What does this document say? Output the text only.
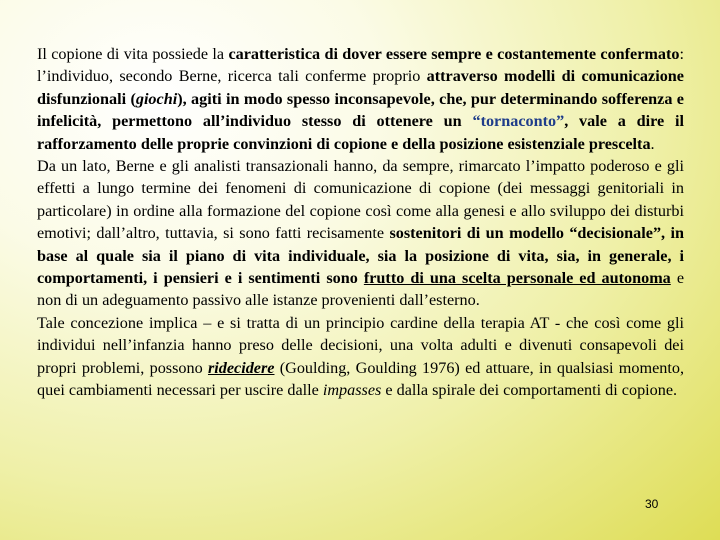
Il copione di vita possiede la caratteristica di dover essere sempre e costantemente confermato: l’individuo, secondo Berne, ricerca tali conferme proprio attraverso modelli di comunicazione disfunzionali (giochi), agiti in modo spesso inconsapevole, che, pur determinando sofferenza e infelicità, permettono all’individuo stesso di ottenere un “tornaconto”, vale a dire il rafforzamento delle proprie convinzioni di copione e della posizione esistenziale prescelta.

Da un lato, Berne e gli analisti transazionali hanno, da sempre, rimarcato l’impatto poderoso e gli effetti a lungo termine dei fenomeni di comunicazione di copione (dei messaggi genitoriali in particolare) in ordine alla formazione del copione così come alla genesi e allo sviluppo dei disturbi emotivi; dall’altro, tuttavia, si sono fatti recisamente sostenitori di un modello “decisionale”, in base al quale sia il piano di vita individuale, sia la posizione di vita, sia, in generale, i comportamenti, i pensieri e i sentimenti sono frutto di una scelta personale ed autonoma e non di un adeguamento passivo alle istanze provenienti dall’esterno.

Tale concezione implica – e si tratta di un principio cardine della terapia AT - che così come gli individui nell’infanzia hanno preso delle decisioni, una volta adulti e divenuti consapevoli dei propri problemi, possono ridecidere (Goulding, Goulding 1976) ed attuare, in qualsiasi momento, quei cambiamenti necessari per uscire dalle impasses e dalla spirale dei comportamenti di copione.

30
